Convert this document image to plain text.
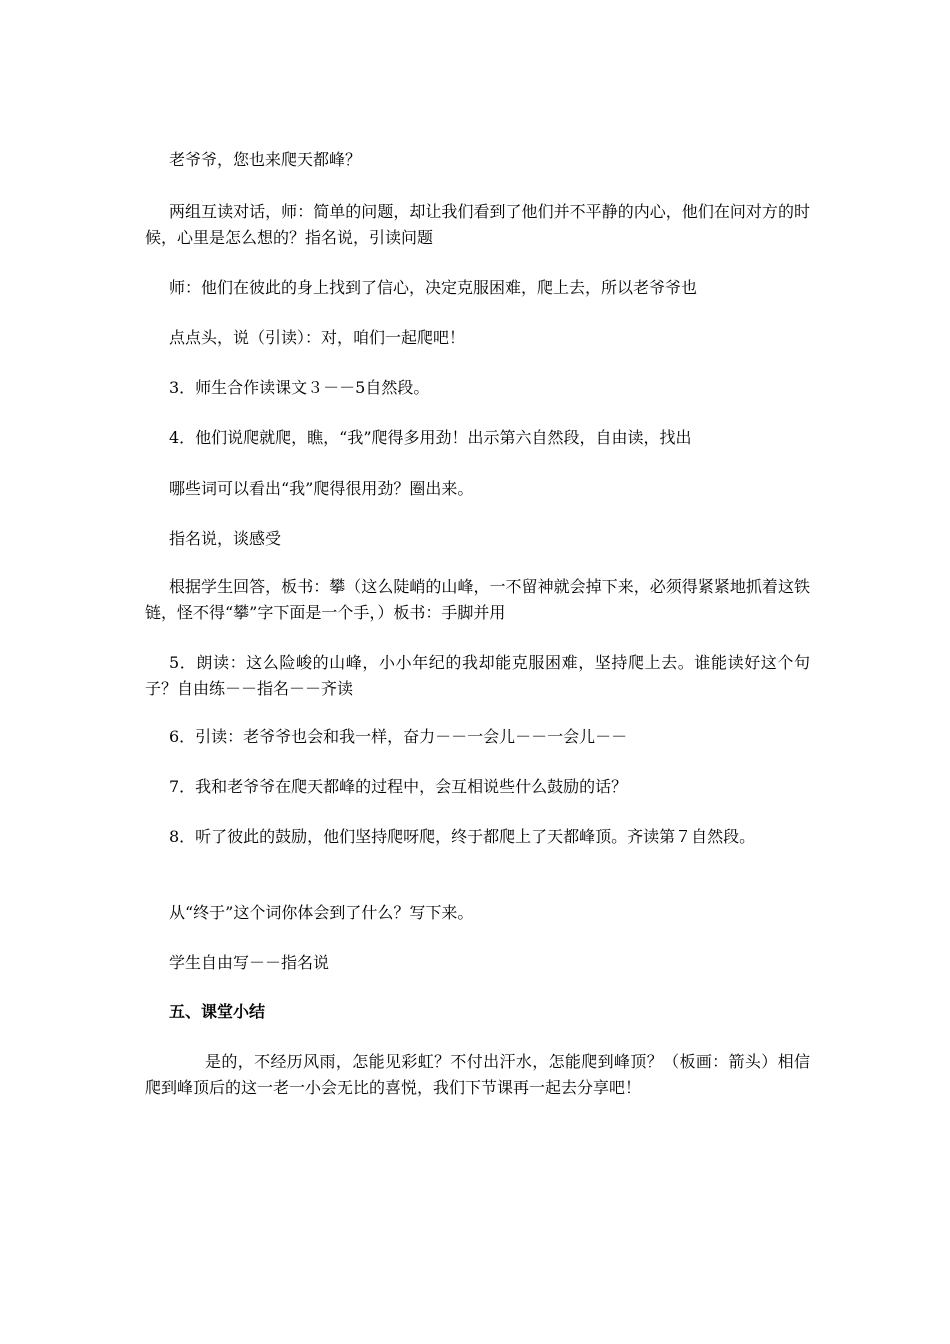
老爷爷，您也来爬天都峰？

两组互读对话，师：简单的问题，却让我们看到了他们并不平静的内心，他们在问对方的时候，心里是怎么想的？指名说，引读问题

师：他们在彼此的身上找到了信心，决定克服困难，爬上去，所以老爷爷也

点点头，说（引读）：对，咱们一起爬吧！

3．师生合作读课文３－－5自然段。

4．他们说爬就爬，瞧，“我”爬得多用劲！出示第六自然段，自由读，找出

哪些词可以看出“我”爬得很用劲？圈出来。

指名说，谈感受

根据学生回答，板书：攀（这么陡峭的山峰，一不留神就会掉下来，必须得紧紧地抓着这铁链，怪不得“攀”字下面是一个手，）板书：手脚并用

5．朗读：这么险峻的山峰，小小年纪的我却能克服困难，坚持爬上去。谁能读好这个句子？自由练－－指名－－齐读

6．引读：老爷爷也会和我一样，奋力－－一会儿－－一会儿－－

7．我和老爷爷在爬天都峰的过程中，会互相说些什么鼓励的话？

8．听了彼此的鼓励，他们坚持爬呀爬，终于都爬上了天都峰顶。齐读第７自然段。

从“终于”这个词你体会到了什么？写下来。

学生自由写－－指名说

五、课堂小结

是的，不经历风雨，怎能见彩虹？不付出汗水，怎能爬到峰顶？（板画：箭头）相信爬到峰顶后的这一老一小会无比的喜悦，我们下节课再一起去分享吧！
